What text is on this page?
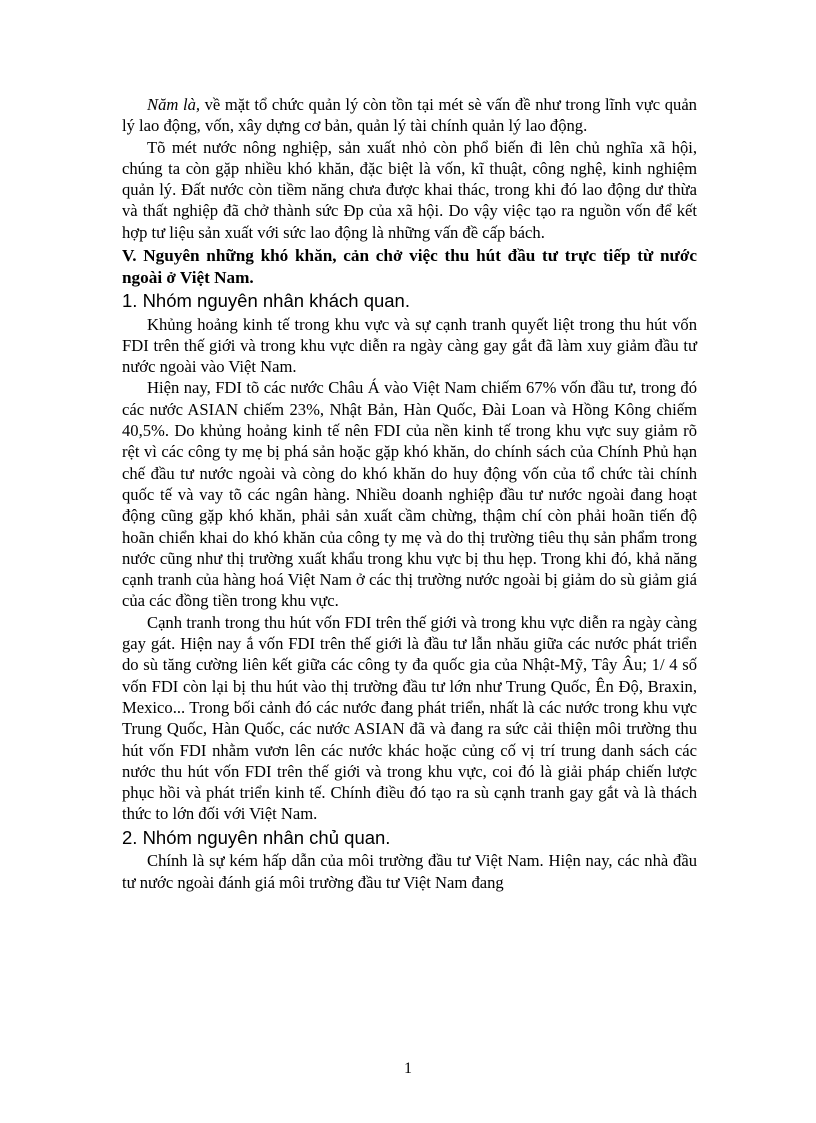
Năm là, về mặt tổ chức quản lý còn tồn tại mét sè vấn đề như trong lĩnh vực quản lý lao động, vốn, xây dựng cơ bản, quản lý tài chính quản lý lao động.

Tõ mét nước nông nghiệp, sản xuất nhỏ còn phổ biến đi lên chủ nghĩa xã hội, chúng ta còn gặp nhiều khó khăn, đặc biệt là vốn, kĩ thuật, công nghệ, kinh nghiệm quản lý. Đất nước còn tiềm năng chưa được khai thác, trong khi đó lao động dư thừa và thất nghiệp đã chở thành sức Đp của xã hội. Do vậy việc tạo ra nguồn vốn để kết hợp tư liệu sản xuất với sức lao động là những vấn đề cấp bách.

V. Nguyên những khó khăn, cản chở việc thu hút đầu tư trực tiếp từ nước ngoài ở Việt Nam.
1. Nhóm nguyên nhân khách quan.

Khủng hoảng kinh tế trong khu vực và sự cạnh tranh quyết liệt trong thu hút vốn FDI trên thế giới và trong khu vực diễn ra ngày càng gay gắt đã làm xuy giảm đầu tư nước ngoài vào Việt Nam.

Hiện nay, FDI tõ các nước Châu Á vào Việt Nam chiếm 67% vốn đầu tư, trong đó các nước ASIAN chiếm 23%, Nhật Bản, Hàn Quốc, Đài Loan và Hồng Kông chiếm 40,5%. Do khủng hoảng kinh tế nên FDI của nền kinh tế trong khu vực suy giảm rõ rệt vì các công ty mẹ bị phá sản hoặc gặp khó khăn, do chính sách của Chính Phủ hạn chế đầu tư nước ngoài và còng do khó khăn do huy động vốn của tổ chức tài chính quốc tế và vay tõ các ngân hàng. Nhiều doanh nghiệp đầu tư nước ngoài đang hoạt động cũng gặp khó khăn, phải sản xuất cầm chừng, thậm chí còn phải hoãn tiến độ hoãn chiển khai do khó khăn của công ty mẹ và do thị trường tiêu thụ sản phẩm trong nước cũng như thị trường xuất khẩu trong khu vực bị thu hẹp. Trong khi đó, khả năng cạnh tranh của hàng hoá Việt Nam ở các thị trường nước ngoài bị giảm do sù giảm giá của các đồng tiền trong khu vực.

Cạnh tranh trong thu hút vốn FDI trên thế giới và trong khu vực diễn ra ngày càng gay gát. Hiện nay ắ vốn FDI trên thế giới là đầu tư lẫn nhău giữa các nước phát triển do sù tăng cường liên kết giữa các công ty đa quốc gia của Nhật-Mỹ, Tây Âu; 1/ 4 số vốn FDI còn lại bị thu hút vào thị trường đầu tư lớn như Trung Quốc, Ên Độ, Braxin, Mexico... Trong bối cảnh đó các nước đang phát triển, nhất là các nước trong khu vực Trung Quốc, Hàn Quốc, các nước ASIAN đã và đang ra sức cải thiện môi trường thu hút vốn FDI nhằm vươn lên các nước khác hoặc củng cố vị trí trung danh sách các nước thu hút vốn FDI trên thế giới và trong khu vực, coi đó là giải pháp chiến lược phục hồi và phát triển kinh tế. Chính điều đó tạo ra sù cạnh tranh gay gắt và là thách thức to lớn đối với Việt Nam.

2. Nhóm nguyên nhân chủ quan.

Chính là sự kém hấp dẫn của môi trường đầu tư Việt Nam. Hiện nay, các nhà đầu tư nước ngoài đánh giá môi trường đầu tư Việt Nam đang

1
